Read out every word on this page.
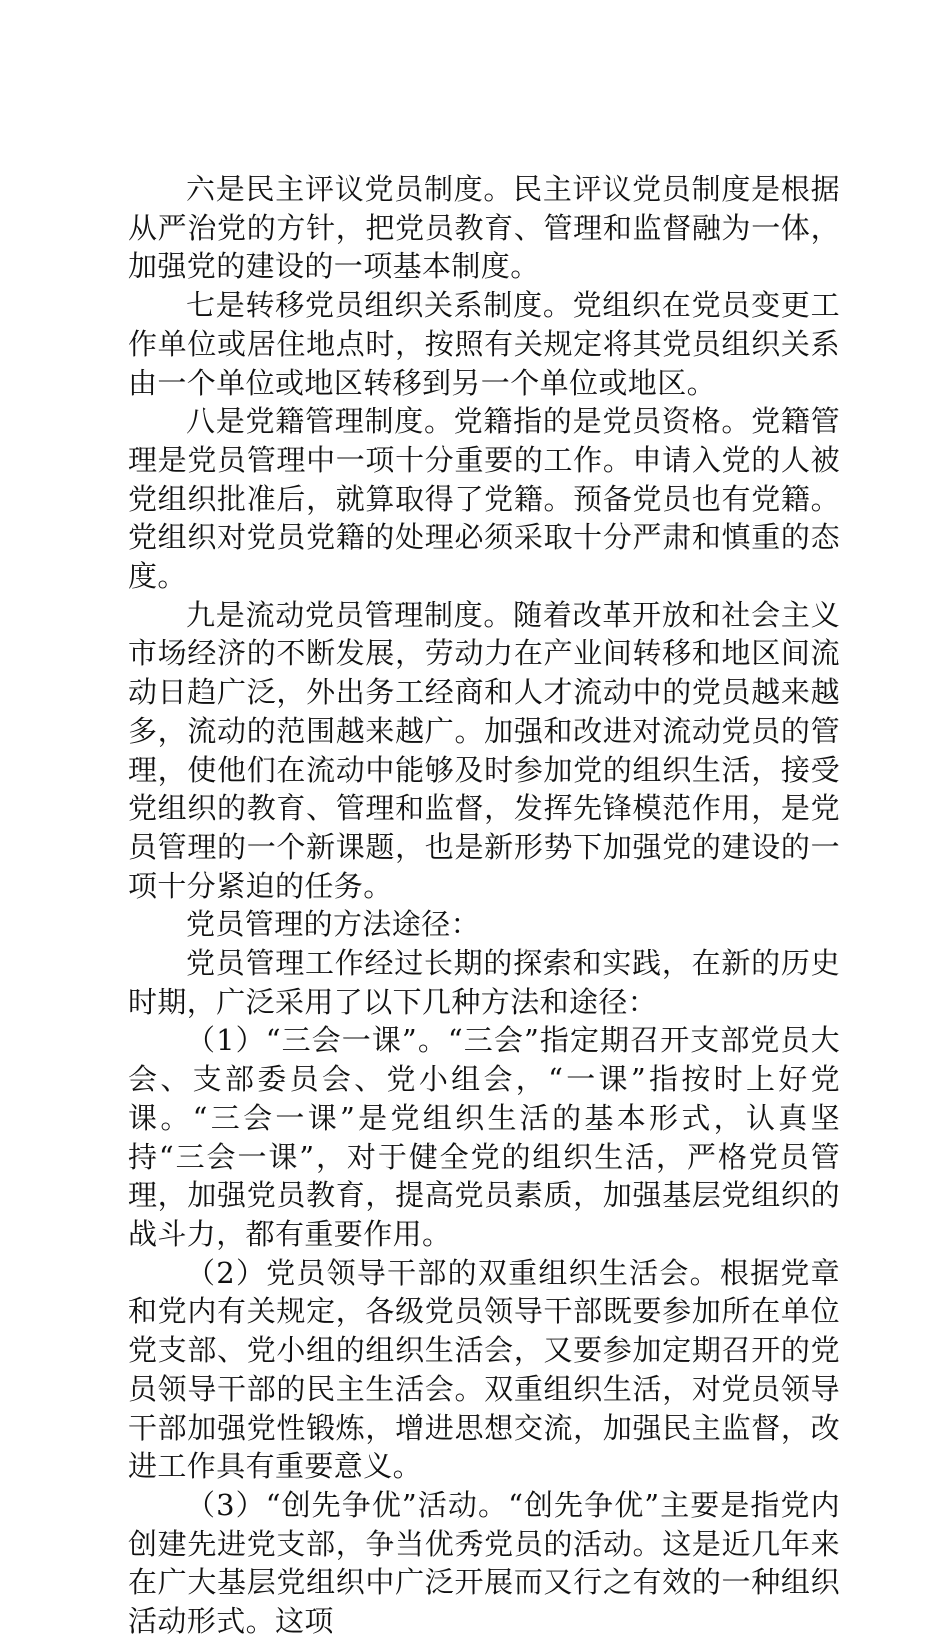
六是民主评议党员制度。民主评议党员制度是根据从严治党的方针，把党员教育、管理和监督融为一体，加强党的建设的一项基本制度。

七是转移党员组织关系制度。党组织在党员变更工作单位或居住地点时，按照有关规定将其党员组织关系由一个单位或地区转移到另一个单位或地区。

八是党籍管理制度。党籍指的是党员资格。党籍管理是党员管理中一项十分重要的工作。申请入党的人被党组织批准后，就算取得了党籍。预备党员也有党籍。党组织对党员党籍的处理必须采取十分严肃和慎重的态度。

九是流动党员管理制度。随着改革开放和社会主义市场经济的不断发展，劳动力在产业间转移和地区间流动日趋广泛，外出务工经商和人才流动中的党员越来越多，流动的范围越来越广。加强和改进对流动党员的管理，使他们在流动中能够及时参加党的组织生活，接受党组织的教育、管理和监督，发挥先锋模范作用，是党员管理的一个新课题，也是新形势下加强党的建设的一项十分紧迫的任务。

党员管理的方法途径：

党员管理工作经过长期的探索和实践，在新的历史时期，广泛采用了以下几种方法和途径：

（1）“三会一课”。“三会”指定期召开支部党员大会、支部委员会、党小组会，“一课”指按时上好党课。“三会一课”是党组织生活的基本形式，认真坚持“三会一课”，对于健全党的组织生活，严格党员管理，加强党员教育，提高党员素质，加强基层党组织的战斗力，都有重要作用。

（2）党员领导干部的双重组织生活会。根据党章和党内有关规定，各级党员领导干部既要参加所在单位党支部、党小组的组织生活会，又要参加定期召开的党员领导干部的民主生活会。双重组织生活，对党员领导干部加强党性锻炼，增进思想交流，加强民主监督，改进工作具有重要意义。

（3）“创先争优”活动。“创先争优”主要是指党内创建先进党支部，争当优秀党员的活动。这是近几年来在广大基层党组织中广泛开展而又行之有效的一种组织活动形式。这项
